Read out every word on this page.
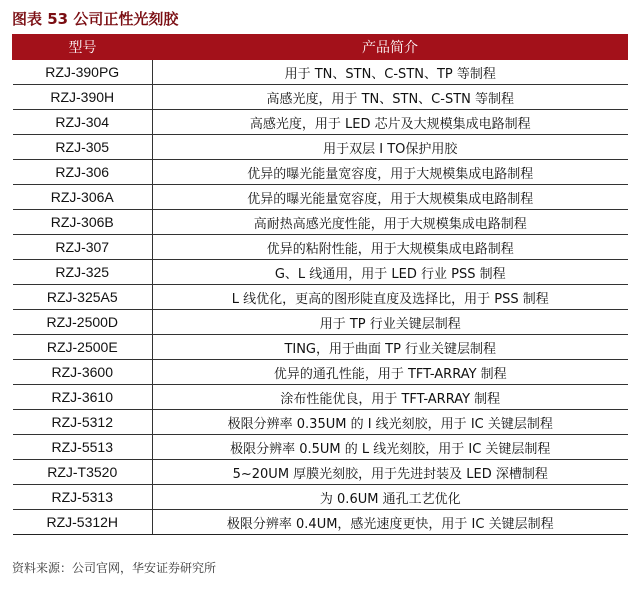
图表 53 公司正性光刻胶
型号	产品简介
RZJ-390PG	用于 TN、STN、C-STN、TP 等制程
RZJ-390H	高感光度，用于 TN、STN、C-STN 等制程
RZJ-304	高感光度，用于 LED 芯片及大规模集成电路制程
RZJ-305	用于双层 I TO保护用胶
RZJ-306	优异的曝光能量宽容度，用于大规模集成电路制程
RZJ-306A	优异的曝光能量宽容度，用于大规模集成电路制程
RZJ-306B	高耐热高感光度性能，用于大规模集成电路制程
RZJ-307	优异的粘附性能，用于大规模集成电路制程
RZJ-325	G、L 线通用，用于 LED 行业 PSS 制程
RZJ-325A5	L 线优化，更高的图形陡直度及选择比，用于 PSS 制程
RZJ-2500D	用于 TP 行业关键层制程
RZJ-2500E	TING，用于曲面 TP 行业关键层制程
RZJ-3600	优异的通孔性能，用于 TFT-ARRAY 制程
RZJ-3610	涂布性能优良，用于 TFT-ARRAY 制程
RZJ-5312	极限分辨率 0.35UM 的 I 线光刻胶，用于 IC 关键层制程
RZJ-5513	极限分辨率 0.5UM 的 L 线光刻胶，用于 IC 关键层制程
RZJ-T3520	5~20UM 厚膜光刻胶，用于先进封装及 LED 深槽制程
RZJ-5313	为 0.6UM 通孔工艺优化
RZJ-5312H	极限分辨率 0.4UM，感光速度更快，用于 IC 关键层制程
资料来源：公司官网，华安证券研究所
